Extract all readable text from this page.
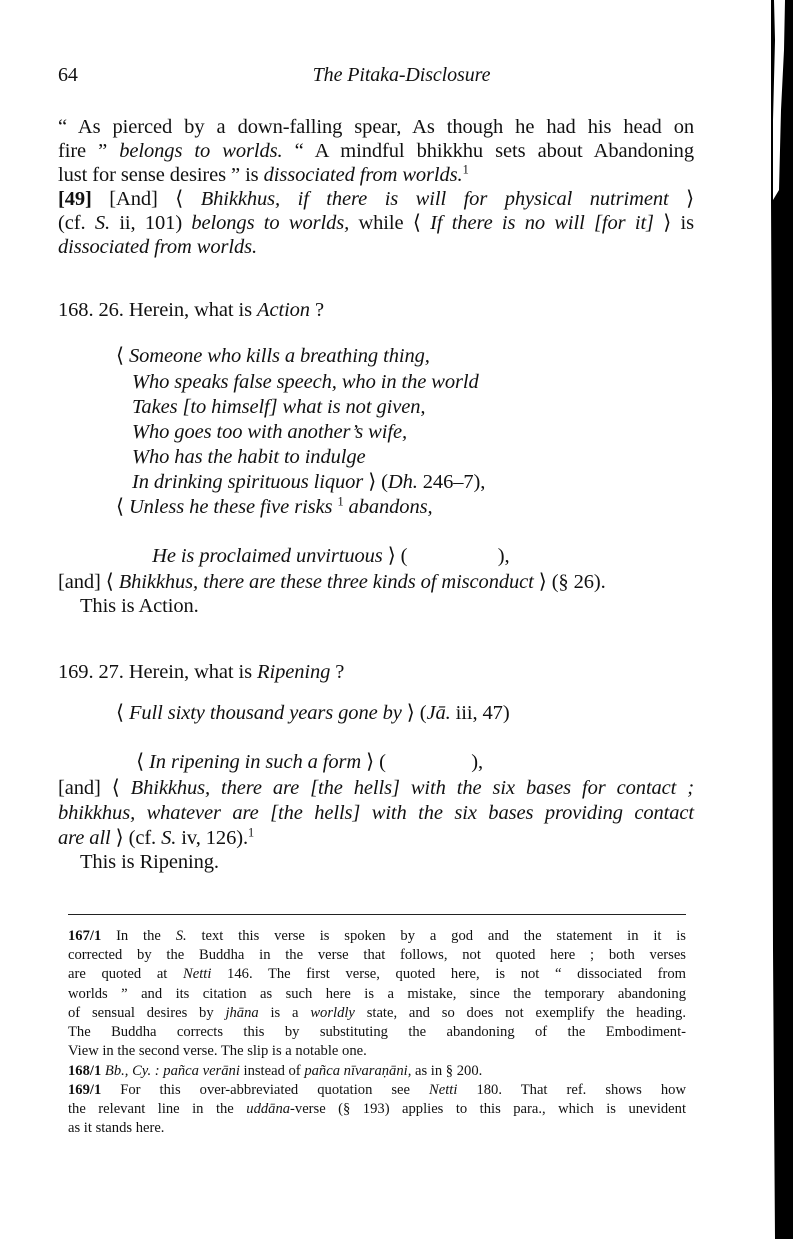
64	The Pitaka-Disclosure
“ As pierced by a down-falling spear, As though he had his head on
fire ” belongs to worlds. “ A mindful bhikkhu sets about Abandoning
lust for sense desires ” is dissociated from worlds.$^1$
[49] [And] ⟨ Bhikkhus, if there is will for physical nutriment ⟩
(cf. S. ii, 101) belongs to worlds, while ⟨ If there is no will [for it] ⟩ is
dissociated from worlds.
168. 26. Herein, what is Action ?
⟨ Someone who kills a breathing thing,
Who speaks false speech, who in the world
Takes [to himself] what is not given,
Who goes too with another’s wife,
Who has the habit to indulge
In drinking spirituous liquor ⟩ (Dh. 246–7),
⟨ Unless he these five risks $^1$ abandons,

He is proclaimed unvirtuous ⟩ (                  ),

[and] ⟨ Bhikkhus, there are these three kinds of misconduct ⟩ (§ 26).
This is Action.
169. 27. Herein, what is Ripening ?
⟨ Full sixty thousand years gone by ⟩ (Jā. iii, 47)

⟨ In ripening in such a form ⟩ (                 ),

[and] ⟨ Bhikkhus, there are [the hells] with the six bases for contact ;
bhikkhus, whatever are [the hells] with the six bases providing contact
are all ⟩ (cf. S. iv, 126).$^1$
This is Ripening.
167/1 In the S. text this verse is spoken by a god and the statement in it is
corrected by the Buddha in the verse that follows, not quoted here ; both verses
are quoted at Netti 146. The first verse, quoted here, is not “ dissociated from
worlds ” and its citation as such here is a mistake, since the temporary abandoning
of sensual desires by jhāna is a worldly state, and so does not exemplify the heading.
The Buddha corrects this by substituting the abandoning of the Embodiment-
View in the second verse. The slip is a notable one.
168/1 Bb., Cy. : pañca verāni instead of pañca nīvaraṇāni, as in § 200.
169/1 For this over-abbreviated quotation see Netti 180. That ref. shows how
the relevant line in the uddāna-verse (§ 193) applies to this para., which is unevident
as it stands here.
